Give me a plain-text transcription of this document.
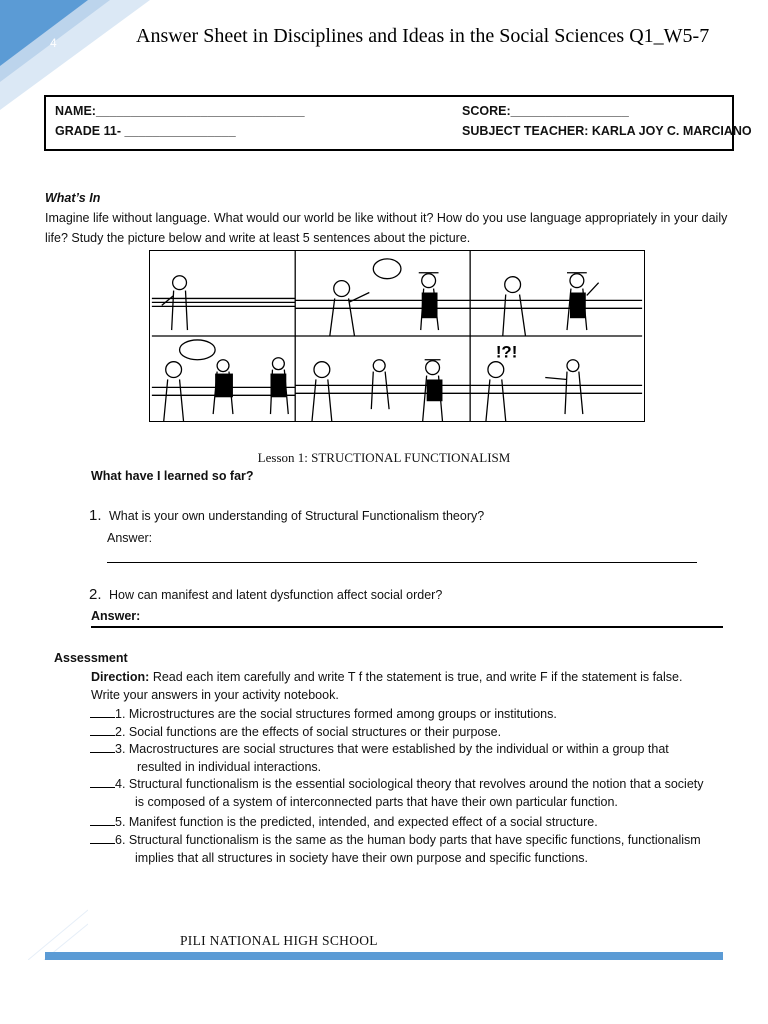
4	Answer Sheet in Disciplines and Ideas in the Social Sciences Q1_W5-7
NAME:______________________________
GRADE 11- ________________
SCORE:_________________
SUBJECT TEACHER: KARLA JOY C. MARCIANO
What’s In
Imagine life without language. What would our world be like without it? How do you use language appropriately in your daily life? Study the picture below and write at least 5 sentences about the picture.
!?!
Lesson 1: STRUCTIONAL FUNCTIONALISM
What have I learned so far?
1. What is your own understanding of Structural Functionalism theory?
Answer:
2. How can manifest and latent dysfunction affect social order?
Answer:
Assessment
Direction: Read each item carefully and write T f the statement is true, and write F if the statement is false.
Write your answers in your activity notebook.
1. Microstructures are the social structures formed among groups or institutions.
2. Social functions are the effects of social structures or their purpose.
3. Macrostructures are social structures that were established by the individual or within a group that
resulted in individual interactions.
4. Structural functionalism is the essential sociological theory that revolves around the notion that a society
is composed of a system of interconnected parts that have their own particular function.
5. Manifest function is the predicted, intended, and expected effect of a social structure.
6. Structural functionalism is the same as the human body parts that have specific functions, functionalism
implies that all structures in society have their own purpose and specific functions.
PILI NATIONAL HIGH SCHOOL
